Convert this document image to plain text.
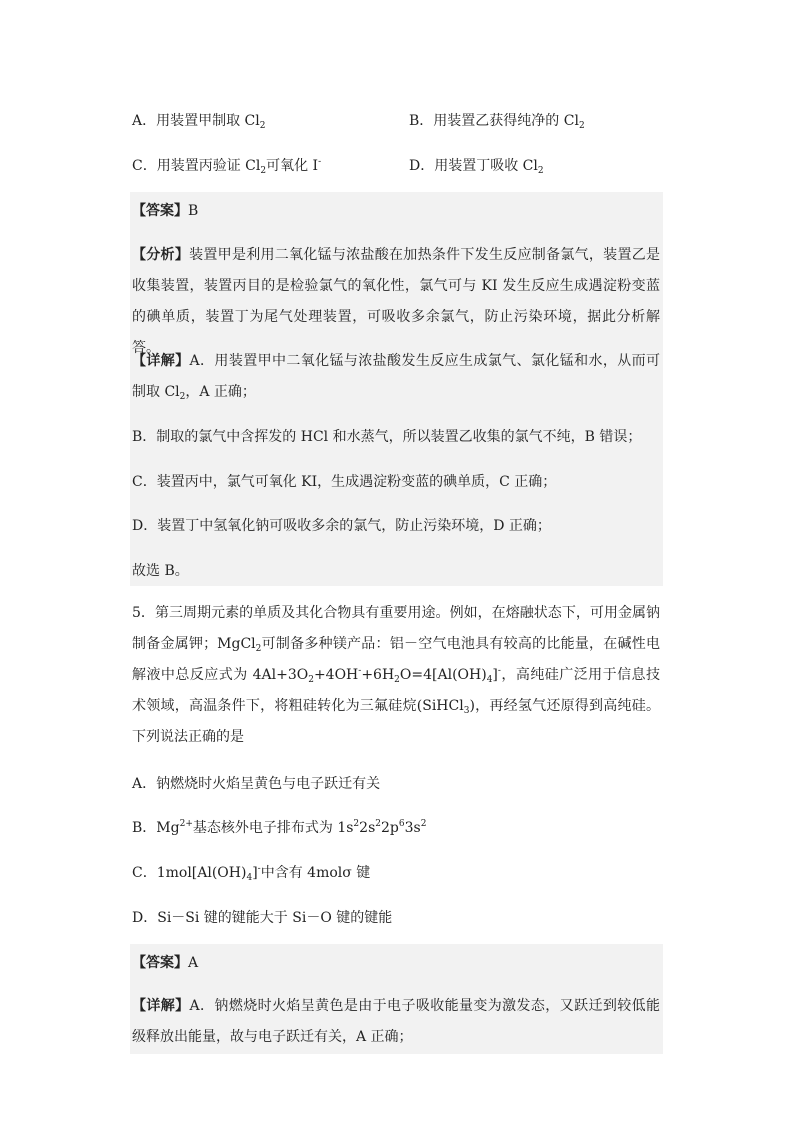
A．用装置甲制取 $Cl_2$	B．用装置乙获得纯净的 $Cl_2$
C．用装置丙验证 $Cl_2$可氧化 I-	D．用装置丁吸收 $Cl_2$
【答案】B
【分析】装置甲是利用二氧化锰与浓盐酸在加热条件下发生反应制备氯气，装置乙是收集装置，装置丙目的是检验氯气的氧化性，氯气可与 KI 发生反应生成遇淀粉变蓝的碘单质，装置丁为尾气处理装置，可吸收多余氯气，防止污染环境，据此分析解答。
【详解】A．用装置甲中二氧化锰与浓盐酸发生反应生成氯气、氯化锰和水，从而可制取 $Cl_2$，A 正确；
B．制取的氯气中含挥发的 HCl 和水蒸气，所以装置乙收集的氯气不纯，B 错误；
C．装置丙中，氯气可氧化 KI，生成遇淀粉变蓝的碘单质，C 正确；
D．装置丁中氢氧化钠可吸收多余的氯气，防止污染环境，D 正确；
故选 B。
5．第三周期元素的单质及其化合物具有重要用途。例如，在熔融状态下，可用金属钠制备金属钾；MgCl$_2$可制备多种镁产品：铝－空气电池具有较高的比能量，在碱性电解液中总反应式为 $4Al+3O_2+4OH^-+6H_2O=4[Al(OH)_4]^-$，高纯硅广泛用于信息技术领域，高温条件下，将粗硅转化为三氟硅烷(SiHCl$_3$)，再经氢气还原得到高纯硅。下列说法正确的是
A．钠燃烧时火焰呈黄色与电子跃迁有关
B．$Mg^{2+}$基态核外电子排布式为 $1s^22s^22p^63s^2$
C．$1mol[Al(OH)_4]^-$中含有 4molσ 键
D．Si－Si 键的键能大于 Si－O 键的键能
【答案】A
【详解】A．钠燃烧时火焰呈黄色是由于电子吸收能量变为激发态，又跃迁到较低能级释放出能量，故与电子跃迁有关，A 正确；
